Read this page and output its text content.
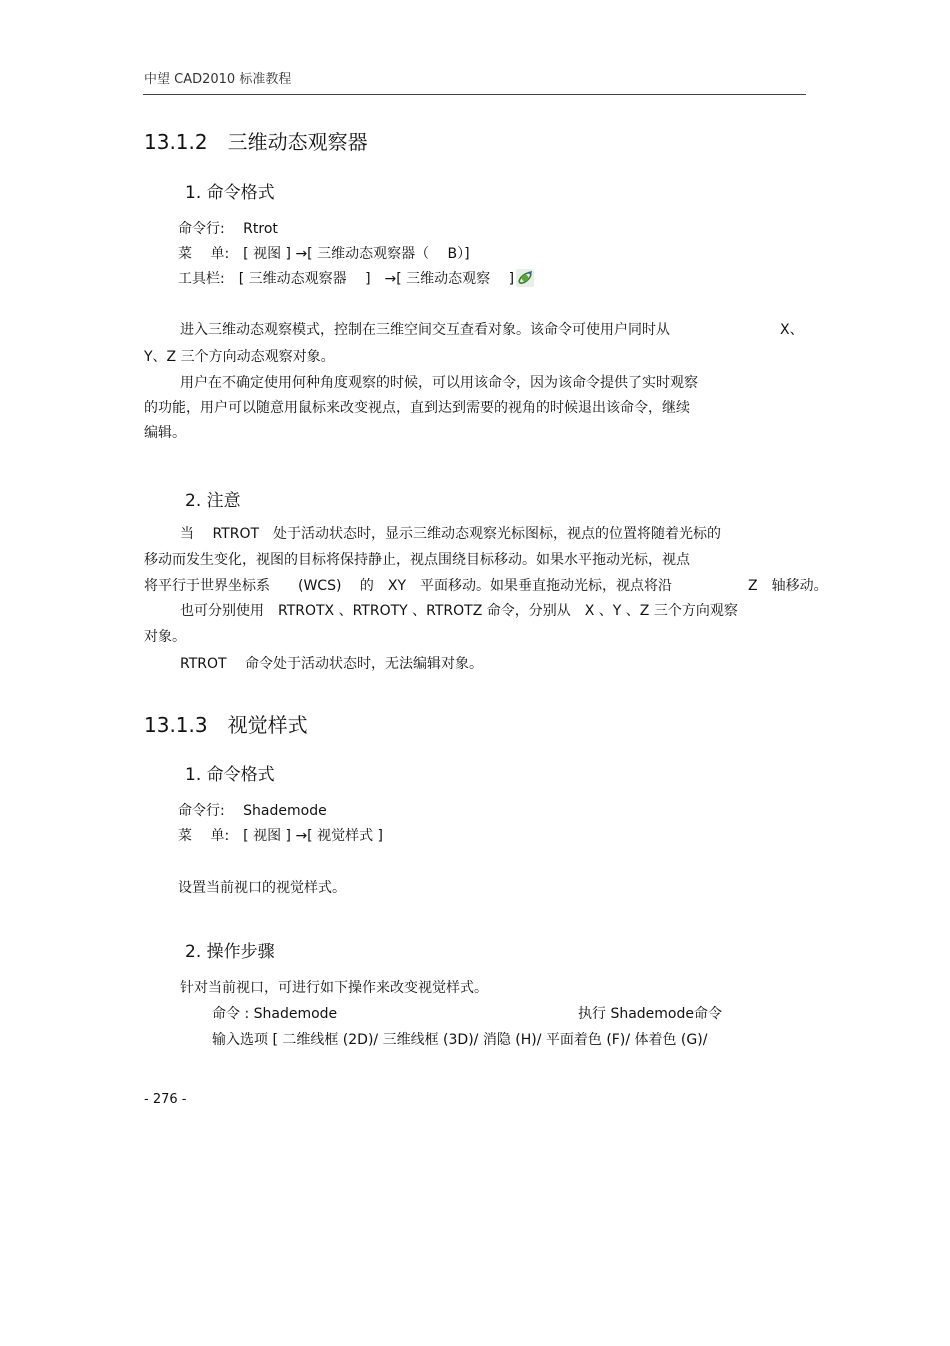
中望 CAD2010 标准教程
13.1.2　三维动态观察器
1. 命令格式
命令行:　 Rtrot
菜　 单:　[ 视图 ] →[ 三维动态观察器（　 B）]
工具栏:　[ 三维动态观察器　 ]　→[ 三维动态观察　 ]
进入三维动态观察模式，控制在三维空间交互查看对象。该命令可使用户同时从	X、
Y、Z 三个方向动态观察对象。
用户在不确定使用何种角度观察的时候，可以用该命令，因为该命令提供了实时观察
的功能，用户可以随意用鼠标来改变视点，直到达到需要的视角的时候退出该命令，继续
编辑。
2. 注意
当　 RTROT　处于活动状态时，显示三维动态观察光标图标，视点的位置将随着光标的
移动而发生变化，视图的目标将保持静止，视点围绕目标移动。如果水平拖动光标，视点
将平行于世界坐标系　　(WCS)　 的　XY　平面移动。如果垂直拖动光标，视点将沿	Z　轴移动。
也可分别使用　RTROTX 、RTROTY 、RTROTZ 命令，分别从　X 、Y 、Z 三个方向观察
对象。
RTROT　 命令处于活动状态时，无法编辑对象。
13.1.3　视觉样式
1. 命令格式
命令行:　 Shademode
菜　 单:　[ 视图 ] →[ 视觉样式 ]
设置当前视口的视觉样式。
2. 操作步骤
针对当前视口，可进行如下操作来改变视觉样式。
命令 : Shademode	执行 Shademode命令
输入选项 [ 二维线框 (2D)/ 三维线框 (3D)/ 消隐 (H)/ 平面着色 (F)/ 体着色 (G)/
- 276 -
